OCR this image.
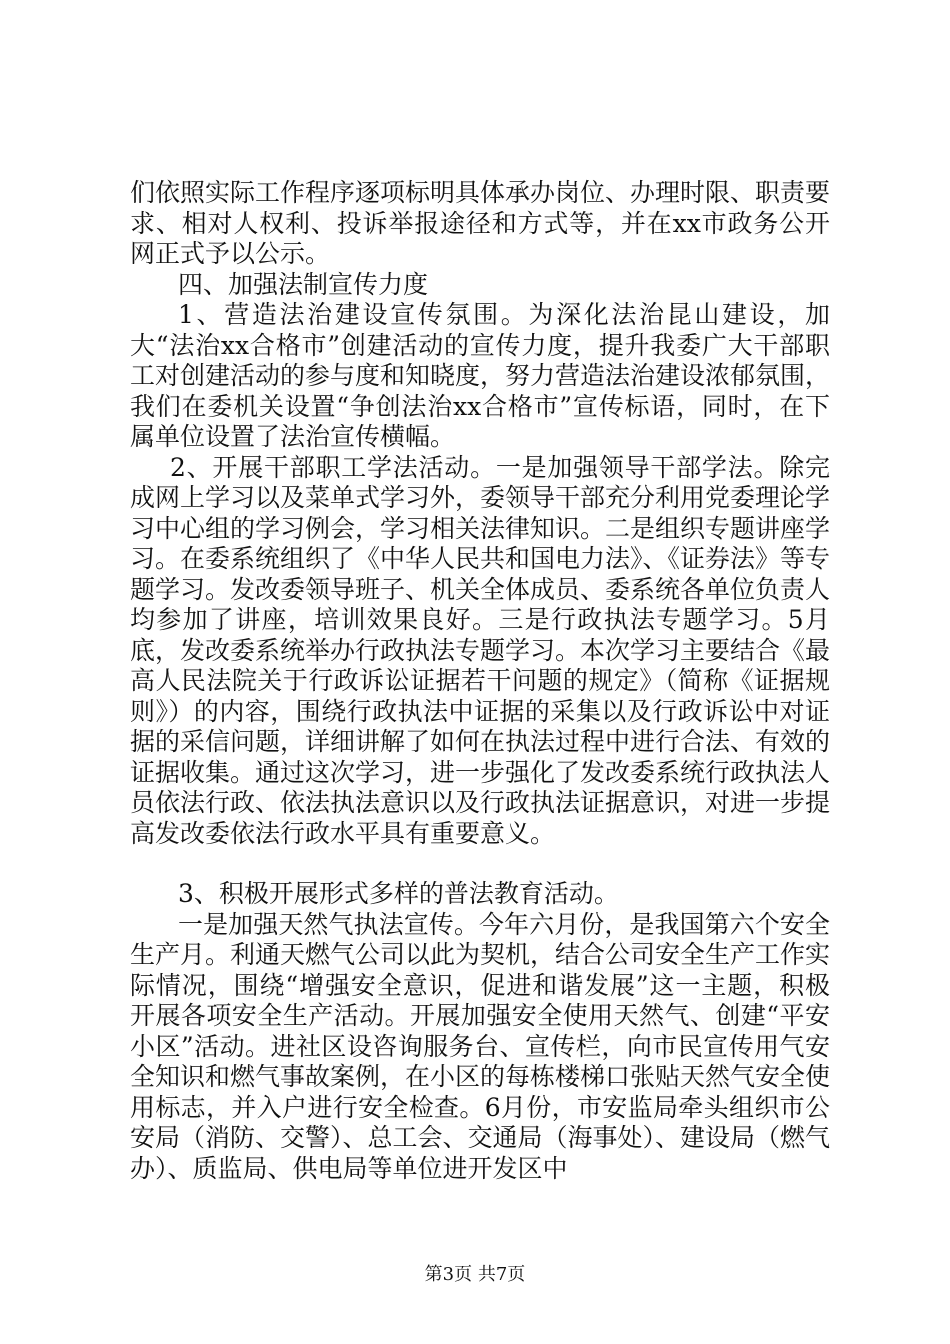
们依照实际工作程序逐项标明具体承办岗位、办理时限、职责要求、相对人权利、投诉举报途径和方式等，并在xx市政务公开网正式予以公示。

四、加强法制宣传力度

1、营造法治建设宣传氛围。为深化法治昆山建设，加大“法治xx合格市”创建活动的宣传力度，提升我委广大干部职工对创建活动的参与度和知晓度，努力营造法治建设浓郁氛围，我们在委机关设置“争创法治xx合格市”宣传标语，同时，在下属单位设置了法治宣传横幅。

2、开展干部职工学法活动。一是加强领导干部学法。除完成网上学习以及菜单式学习外，委领导干部充分利用党委理论学习中心组的学习例会，学习相关法律知识。二是组织专题讲座学习。在委系统组织了《中华人民共和国电力法》、《证券法》等专题学习。发改委领导班子、机关全体成员、委系统各单位负责人均参加了讲座，培训效果良好。三是行政执法专题学习。5月底，发改委系统举办行政执法专题学习。本次学习主要结合《最高人民法院关于行政诉讼证据若干问题的规定》（简称《证据规则》）的内容，围绕行政执法中证据的采集以及行政诉讼中对证据的采信问题，详细讲解了如何在执法过程中进行合法、有效的证据收集。通过这次学习，进一步强化了发改委系统行政执法人员依法行政、依法执法意识以及行政执法证据意识，对进一步提高发改委依法行政水平具有重要意义。

3、积极开展形式多样的普法教育活动。

一是加强天然气执法宣传。今年六月份，是我国第六个安全生产月。利通天燃气公司以此为契机，结合公司安全生产工作实际情况，围绕“增强安全意识，促进和谐发展”这一主题，积极开展各项安全生产活动。开展加强安全使用天然气、创建“平安小区”活动。进社区设咨询服务台、宣传栏，向市民宣传用气安全知识和燃气事故案例，在小区的每栋楼梯口张贴天然气安全使用标志，并入户进行安全检查。6月份，市安监局牵头组织市公安局（消防、交警）、总工会、交通局（海事处）、建设局（燃气办）、质监局、供电局等单位进开发区中

第3页 共7页
